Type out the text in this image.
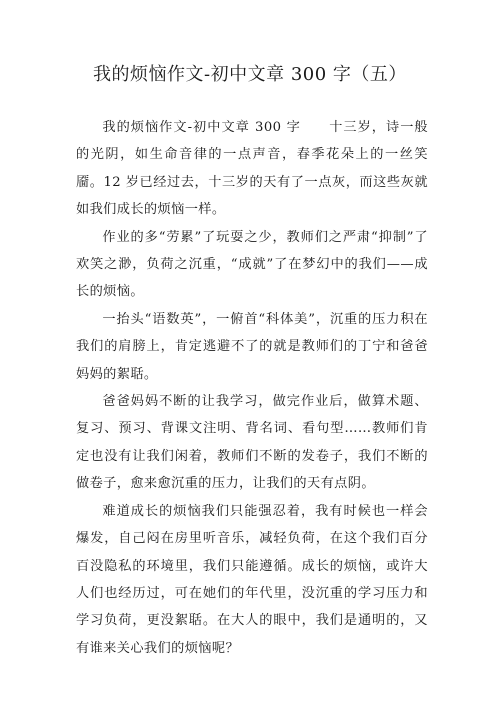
我的烦恼作文-初中文章 300 字（五）

我的烦恼作文-初中文章 300 字　　十三岁，诗一般的光阴，如生命音律的一点声音，春季花朵上的一丝笑靥。12 岁已经过去，十三岁的天有了一点灰，而这些灰就如我们成长的烦恼一样。

作业的多“劳累”了玩耍之少，教师们之严肃“抑制”了欢笑之渺，负荷之沉重，“成就”了在梦幻中的我们——成长的烦恼。

一抬头“语数英”，一俯首“科体美”，沉重的压力积在我们的肩膀上，肯定逃避不了的就是教师们的丁宁和爸爸妈妈的絮聒。

爸爸妈妈不断的让我学习，做完作业后，做算术题、复习、预习、背课文注明、背名词、看句型……教师们肯定也没有让我们闲着，教师们不断的发卷子，我们不断的做卷子，愈来愈沉重的压力，让我们的天有点阴。

难道成长的烦恼我们只能强忍着，我有时候也一样会爆发，自己闷在房里听音乐，减轻负荷，在这个我们百分百没隐私的环境里，我们只能遵循。成长的烦恼，或许大人们也经历过，可在她们的年代里，没沉重的学习压力和学习负荷，更没絮聒。在大人的眼中，我们是通明的，又有谁来关心我们的烦恼呢？
